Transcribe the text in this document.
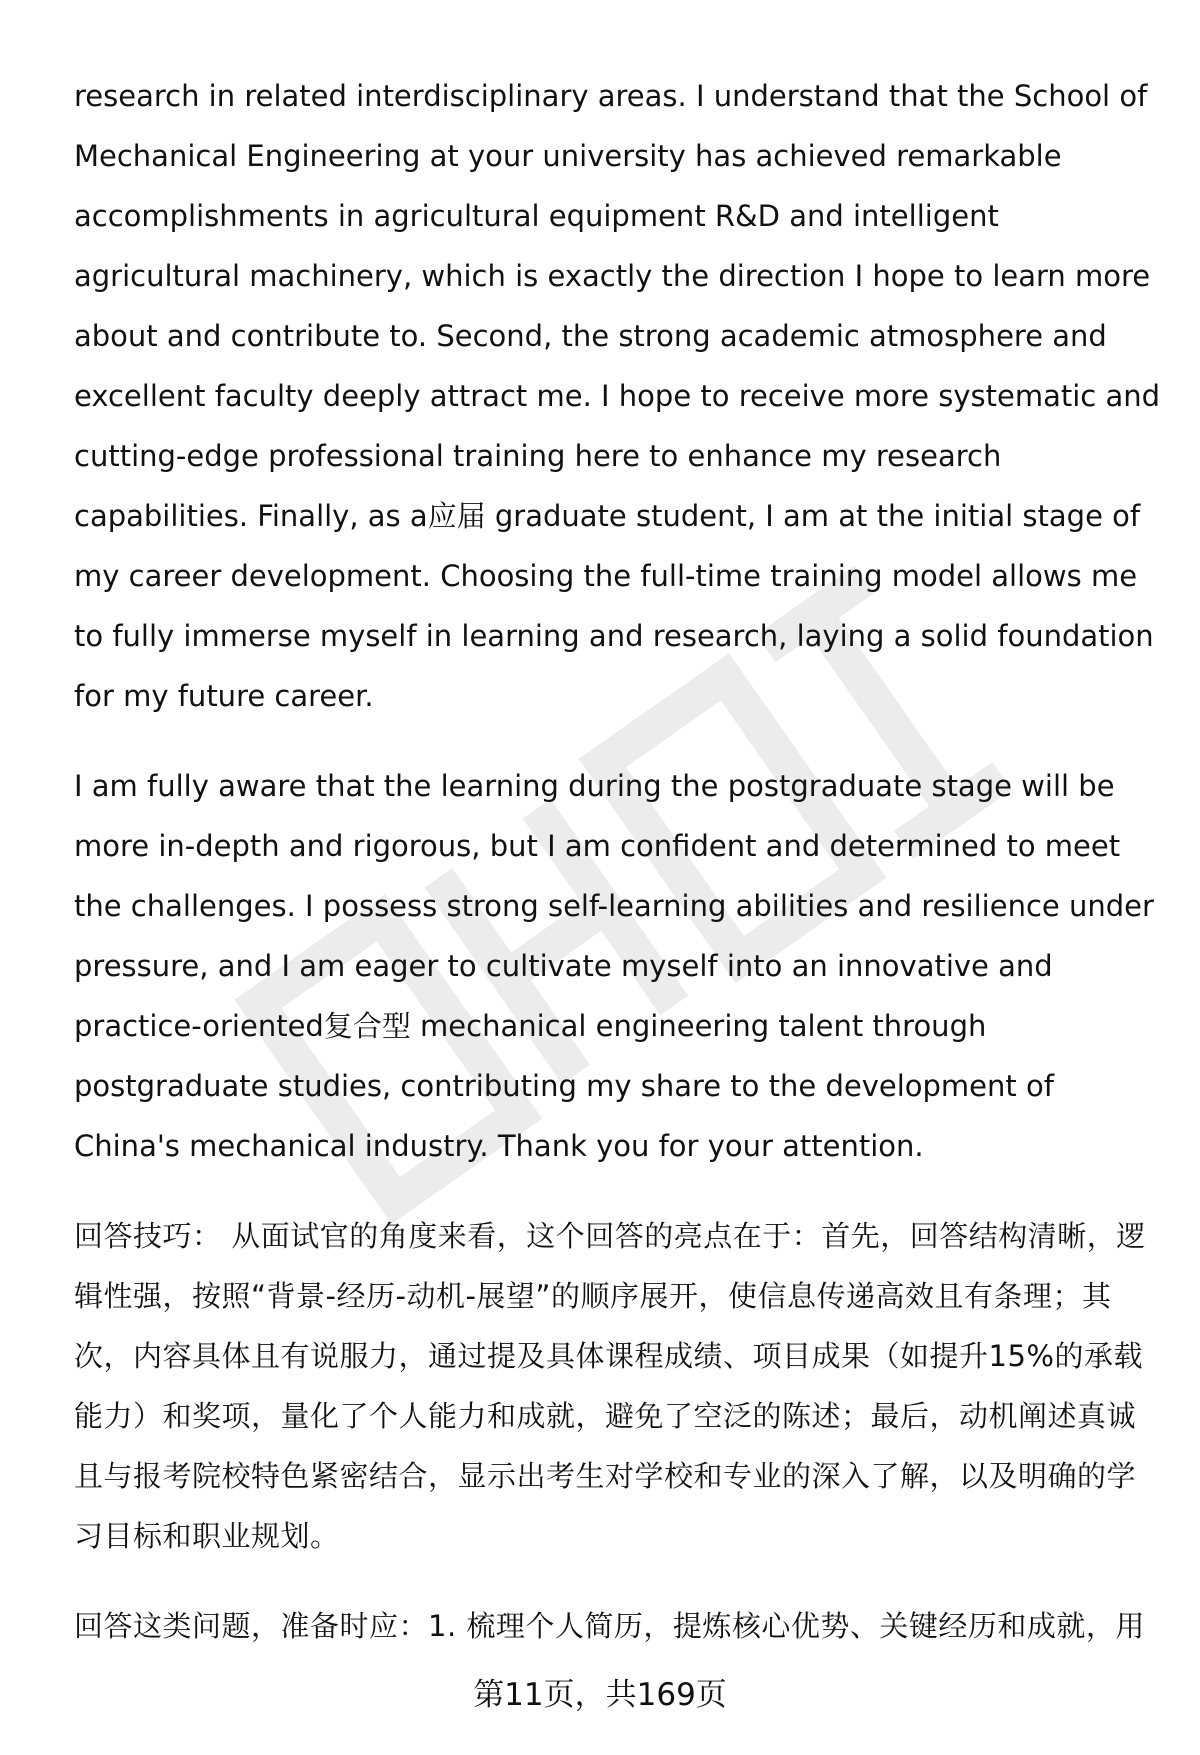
research in related interdisciplinary areas. I understand that the School of Mechanical Engineering at your university has achieved remarkable accomplishments in agricultural equipment R&D and intelligent agricultural machinery, which is exactly the direction I hope to learn more about and contribute to. Second, the strong academic atmosphere and excellent faculty deeply attract me. I hope to receive more systematic and cutting-edge professional training here to enhance my research capabilities. Finally, as a应届 graduate student, I am at the initial stage of my career development. Choosing the full-time training model allows me to fully immerse myself in learning and research, laying a solid foundation for my future career.

I am fully aware that the learning during the postgraduate stage will be more in-depth and rigorous, but I am confident and determined to meet the challenges. I possess strong self-learning abilities and resilience under pressure, and I am eager to cultivate myself into an innovative and practice-oriented复合型 mechanical engineering talent through postgraduate studies, contributing my share to the development of China's mechanical industry. Thank you for your attention.

回答技巧： 从面试官的角度来看，这个回答的亮点在于：首先，回答结构清晰，逻辑性强，按照“背景-经历-动机-展望”的顺序展开，使信息传递高效且有条理；其次，内容具体且有说服力，通过提及具体课程成绩、项目成果（如提升15%的承载能力）和奖项，量化了个人能力和成就，避免了空泛的陈述；最后，动机阐述真诚且与报考院校特色紧密结合，显示出考生对学校和专业的深入了解，以及明确的学习目标和职业规划。

回答这类问题，准备时应：1. 梳理个人简历，提炼核心优势、关键经历和成就，用

第11页，共169页
